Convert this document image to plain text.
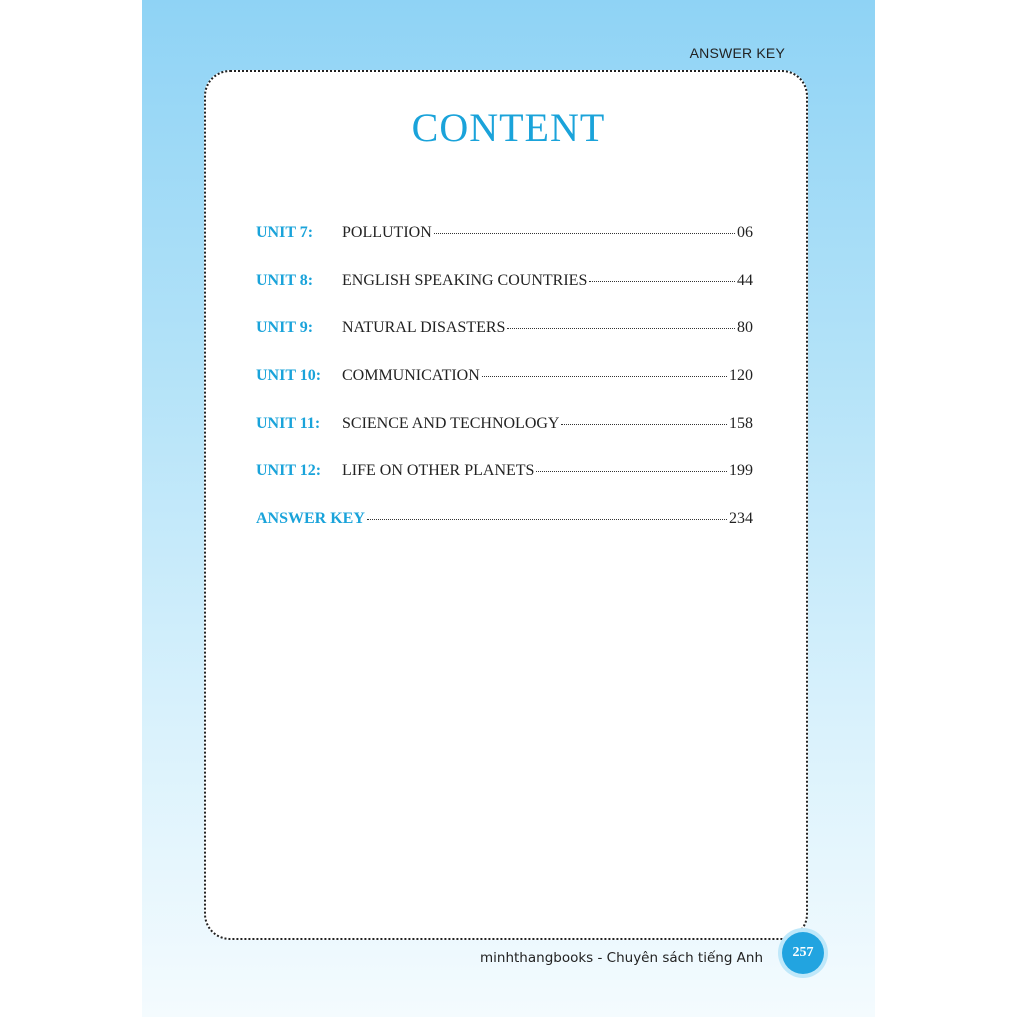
ANSWER KEY
minhthangbooks - Chuyên sách tiếng Anh	257
CONTENT
UNIT 7:	POLLUTION	06
UNIT 8:	ENGLISH SPEAKING COUNTRIES	44
UNIT 9:	NATURAL DISASTERS	80
UNIT 10:	COMMUNICATION	120
UNIT 11:	SCIENCE AND TECHNOLOGY	158
UNIT 12:	LIFE ON OTHER PLANETS	199
ANSWER KEY	234
